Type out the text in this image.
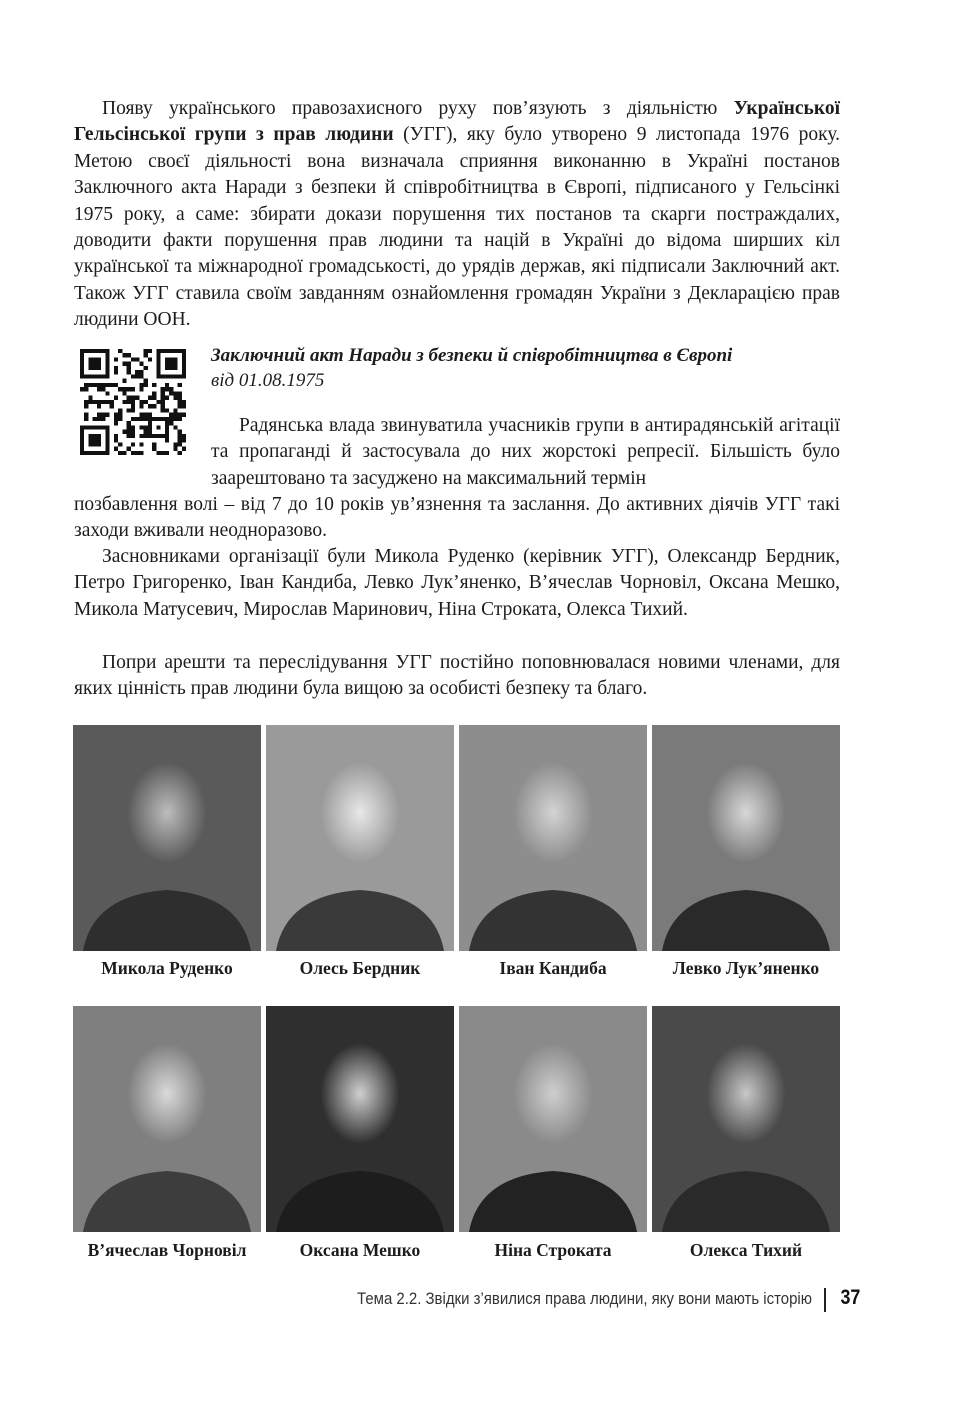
Появу українського правозахисного руху пов’язують з діяльністю Української Гельсінської групи з прав людини (УГГ), яку було утворено 9 листопада 1976 року. Метою своєї діяльності вона визначала сприяння виконанню в Україні постанов Заключного акта Наради з безпеки й співробітництва в Європі, підписаного у Гельсінкі 1975 року, а саме: збирати докази порушення тих постанов та скарги постраждалих, доводити факти порушення прав людини та націй в Україні до відома ширших кіл української та міжнародної громадськості, до урядів держав, які підписали Заключний акт. Також УГГ ставила своїм завданням ознайомлення громадян України з Декларацією прав людини ООН.

Заключний акт Наради з безпеки й співробітництва в Європі
від 01.08.1975

Радянська влада звинуватила учасників групи в антирадянській агітації та пропаганді й застосувала до них жорстокі репресії. Більшість було заарештовано та засуджено на максимальний термін

позбавлення волі – від 7 до 10 років ув’язнення та заслання. До активних діячів УГГ такі заходи вживали неодноразово.

Засновниками організації були Микола Руденко (керівник УГГ), Олександр Бердник, Петро Григоренко, Іван Кандиба, Левко Лук’яненко, В’ячеслав Чорновіл, Оксана Мешко, Микола Матусевич, Мирослав Маринович, Ніна Строката, Олекса Тихий.

Попри арешти та переслідування УГГ постійно поповнювалася новими членами, для яких цінність прав людини була вищою за особисті безпеку та благо.

Микола Руденко	Олесь Бердник	Іван Кандиба	Левко Лук’яненко
В’ячеслав Чорновіл	Оксана Мешко	Ніна Строката	Олекса Тихий
Тема 2.2. Звідки з’явилися права людини, яку вони мають історію 37
